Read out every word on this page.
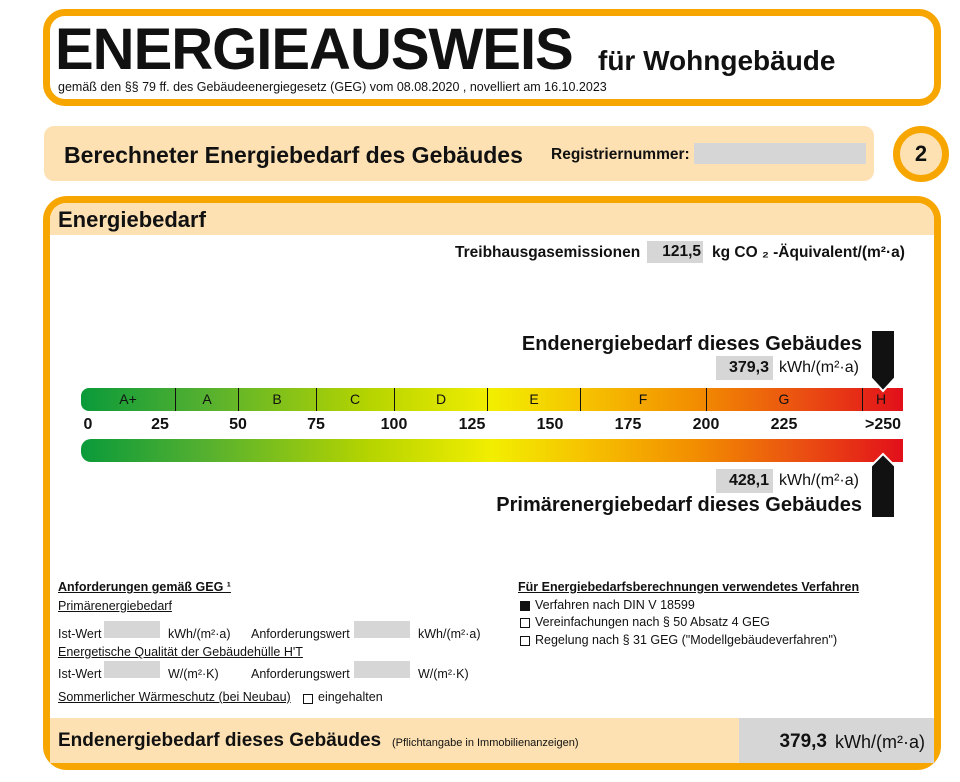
ENERGIEAUSWEIS für Wohngebäude
gemäß den §§ 79 ff. des Gebäudeenergiegesetz (GEG) vom 08.08.2020 , novelliert am 16.10.2023
Berechneter Energiebedarf des Gebäudes Registriernummer:	2
Energiebedarf
Treibhausgasemissionen	121,5 kg CO ₂ -Äquivalent/(m²·a)
Endenergiebedarf dieses Gebäudes
379,3 kWh/(m²·a)
A+	A	B	C	D	E	F	G	H
0	25	50	75	100	125	150	175	200	225	>250
428,1 kWh/(m²·a)
Primärenergiebedarf dieses Gebäudes
Anforderungen gemäß GEG ¹
Primärenergiebedarf
Ist-Wert	kWh/(m²·a) Anforderungswert	kWh/(m²·a)
Energetische Qualität der Gebäudehülle H'T
Ist-Wert	W/(m²·K)	Anforderungswert	W/(m²·K)
Sommerlicher Wärmeschutz (bei Neubau) eingehalten
Für Energiebedarfsberechnungen verwendetes Verfahren
Verfahren nach DIN V 18599
Vereinfachungen nach § 50 Absatz 4 GEG
Regelung nach § 31 GEG ("Modellgebäudeverfahren")
Endenergiebedarf dieses Gebäudes (Pflichtangabe in Immobilienanzeigen)	379,3 kWh/(m²·a)
